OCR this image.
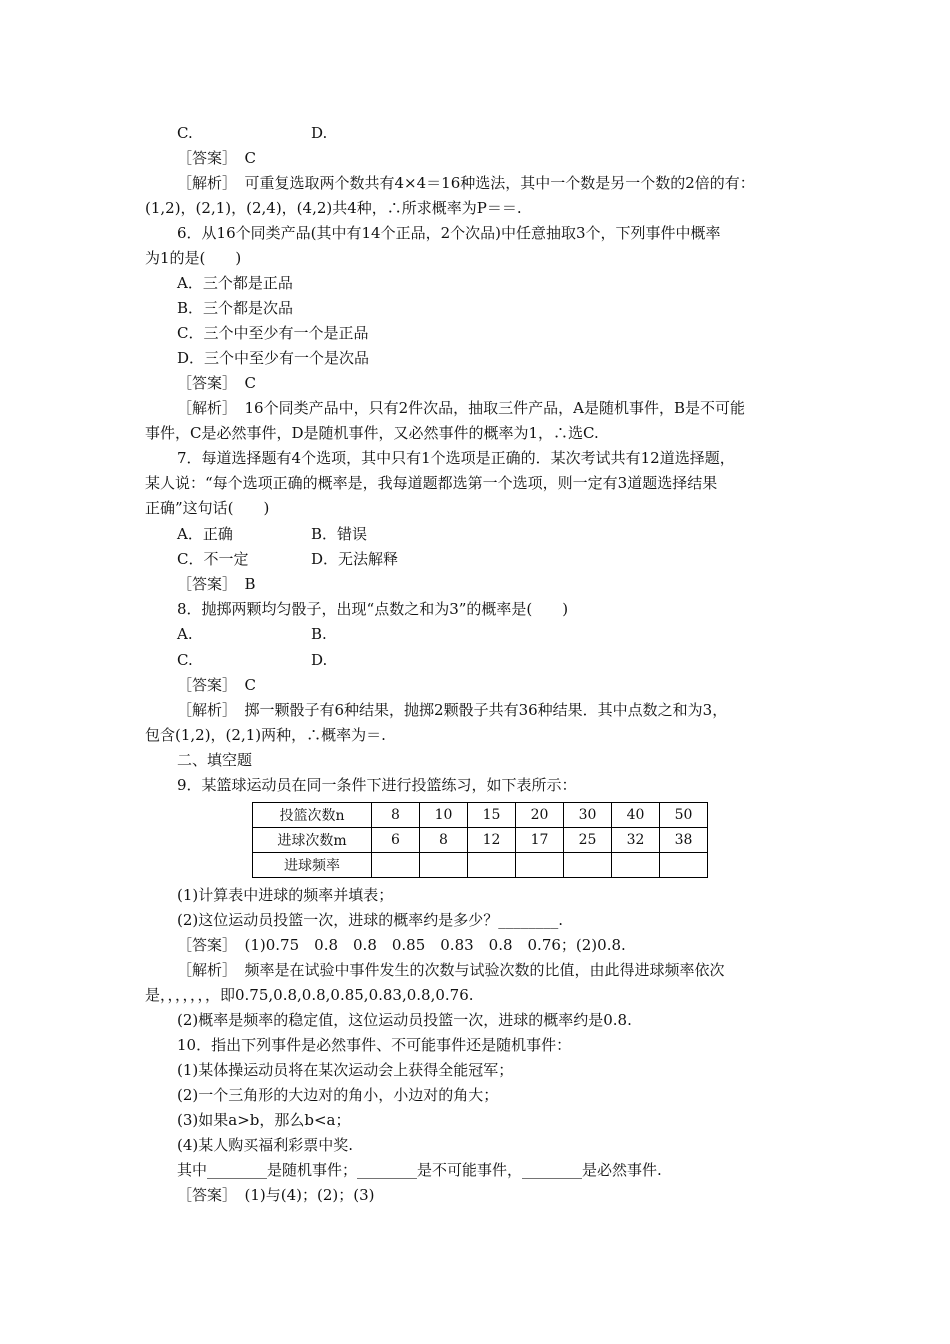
C.	D.
［答案］　C
［解析］　可重复选取两个数共有4×4＝16种选法，其中一个数是另一个数的2倍的有：
(1,2)，(2,1)，(2,4)，(4,2)共4种，∴所求概率为P＝＝.
6．从16个同类产品(其中有14个正品，2个次品)中任意抽取3个，下列事件中概率
为1的是(　　)
A．三个都是正品
B．三个都是次品
C．三个中至少有一个是正品
D．三个中至少有一个是次品
［答案］　C
［解析］　16个同类产品中，只有2件次品，抽取三件产品，A是随机事件，B是不可能
事件，C是必然事件，D是随机事件，又必然事件的概率为1，∴选C.
7．每道选择题有4个选项，其中只有1个选项是正确的．某次考试共有12道选择题，
某人说：“每个选项正确的概率是，我每道题都选第一个选项，则一定有3道题选择结果
正确”这句话(　　)
A．正确	B．错误
C．不一定	D．无法解释
［答案］　B
8．抛掷两颗均匀骰子，出现“点数之和为3”的概率是(　　)
A.	B.
C.	D.
［答案］　C
［解析］　掷一颗骰子有6种结果，抛掷2颗骰子共有36种结果．其中点数之和为3，
包含(1,2)，(2,1)两种，∴概率为＝.
二、填空题
9．某篮球运动员在同一条件下进行投篮练习，如下表所示：
投篮次数n	8	10	15	20	30	40	50
进球次数m	6	8	12	17	25	32	38
进球频率							
(1)计算表中进球的频率并填表；
(2)这位运动员投篮一次，进球的概率约是多少？________.
［答案］　(1)0.75　0.8　0.8　0.85　0.83　0.8　0.76；(2)0.8.
［解析］　频率是在试验中事件发生的次数与试验次数的比值，由此得进球频率依次
是，，，，，，，即0.75,0.8,0.8,0.85,0.83,0.8,0.76.
(2)概率是频率的稳定值，这位运动员投篮一次，进球的概率约是0.8.
10．指出下列事件是必然事件、不可能事件还是随机事件：
(1)某体操运动员将在某次运动会上获得全能冠军；
(2)一个三角形的大边对的角小，小边对的角大；
(3)如果a>b，那么b<a；
(4)某人购买福利彩票中奖.
其中________是随机事件；________是不可能事件，________是必然事件.
［答案］　(1)与(4)；(2)；(3)
